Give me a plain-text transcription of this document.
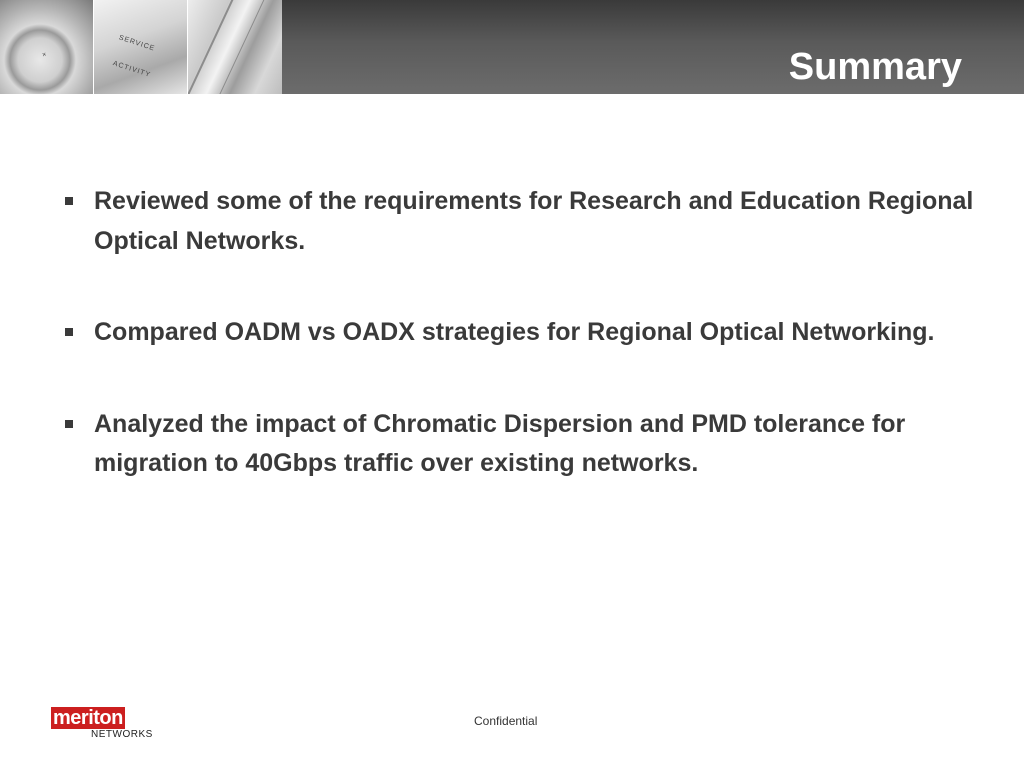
+
SERVICE
ACTIVITY	Summary
Reviewed some of the requirements for Research and Education Regional Optical Networks.
Compared OADM vs OADX strategies for Regional Optical Networking.
Analyzed the impact of Chromatic Dispersion and PMD tolerance for migration to 40Gbps traffic over existing networks.
meriton
NETWORKS
Confidential
